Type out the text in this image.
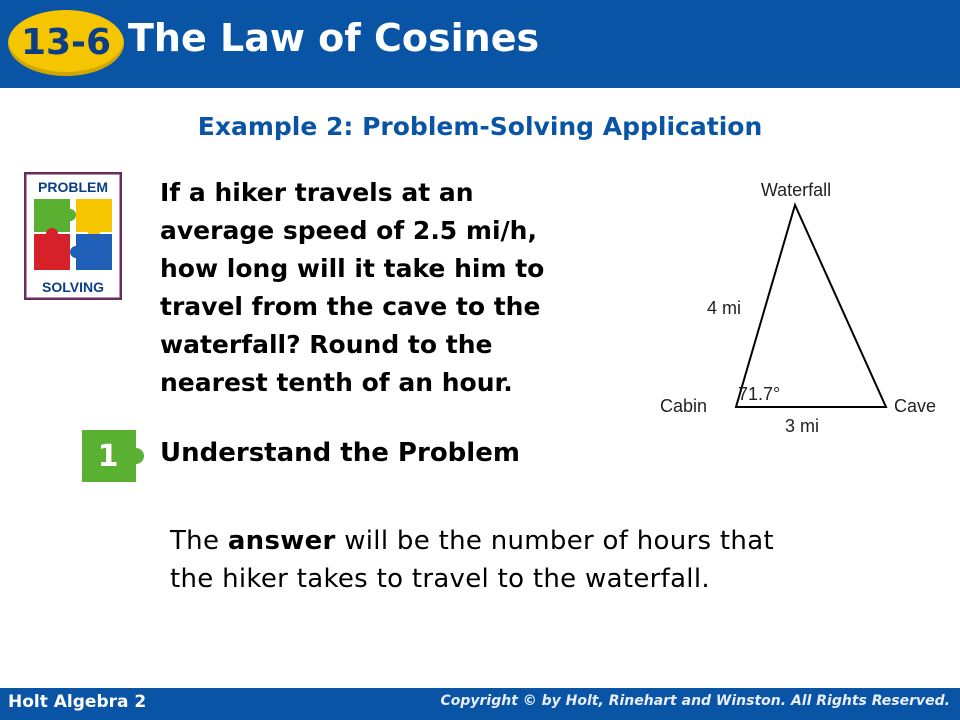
13-6 The Law of Cosines
Example 2: Problem-Solving Application
PROBLEM
SOLVING
If a hiker travels at an
average speed of 2.5 mi/h,
how long will it take him to
travel from the cave to the
waterfall? Round to the
nearest tenth of an hour.
Waterfall
Cabin	Cave
4 mi
3 mi
71.7°
1 Understand the Problem
The answer will be the number of hours that
the hiker takes to travel to the waterfall.
Holt Algebra 2	Copyright © by Holt, Rinehart and Winston. All Rights Reserved.
